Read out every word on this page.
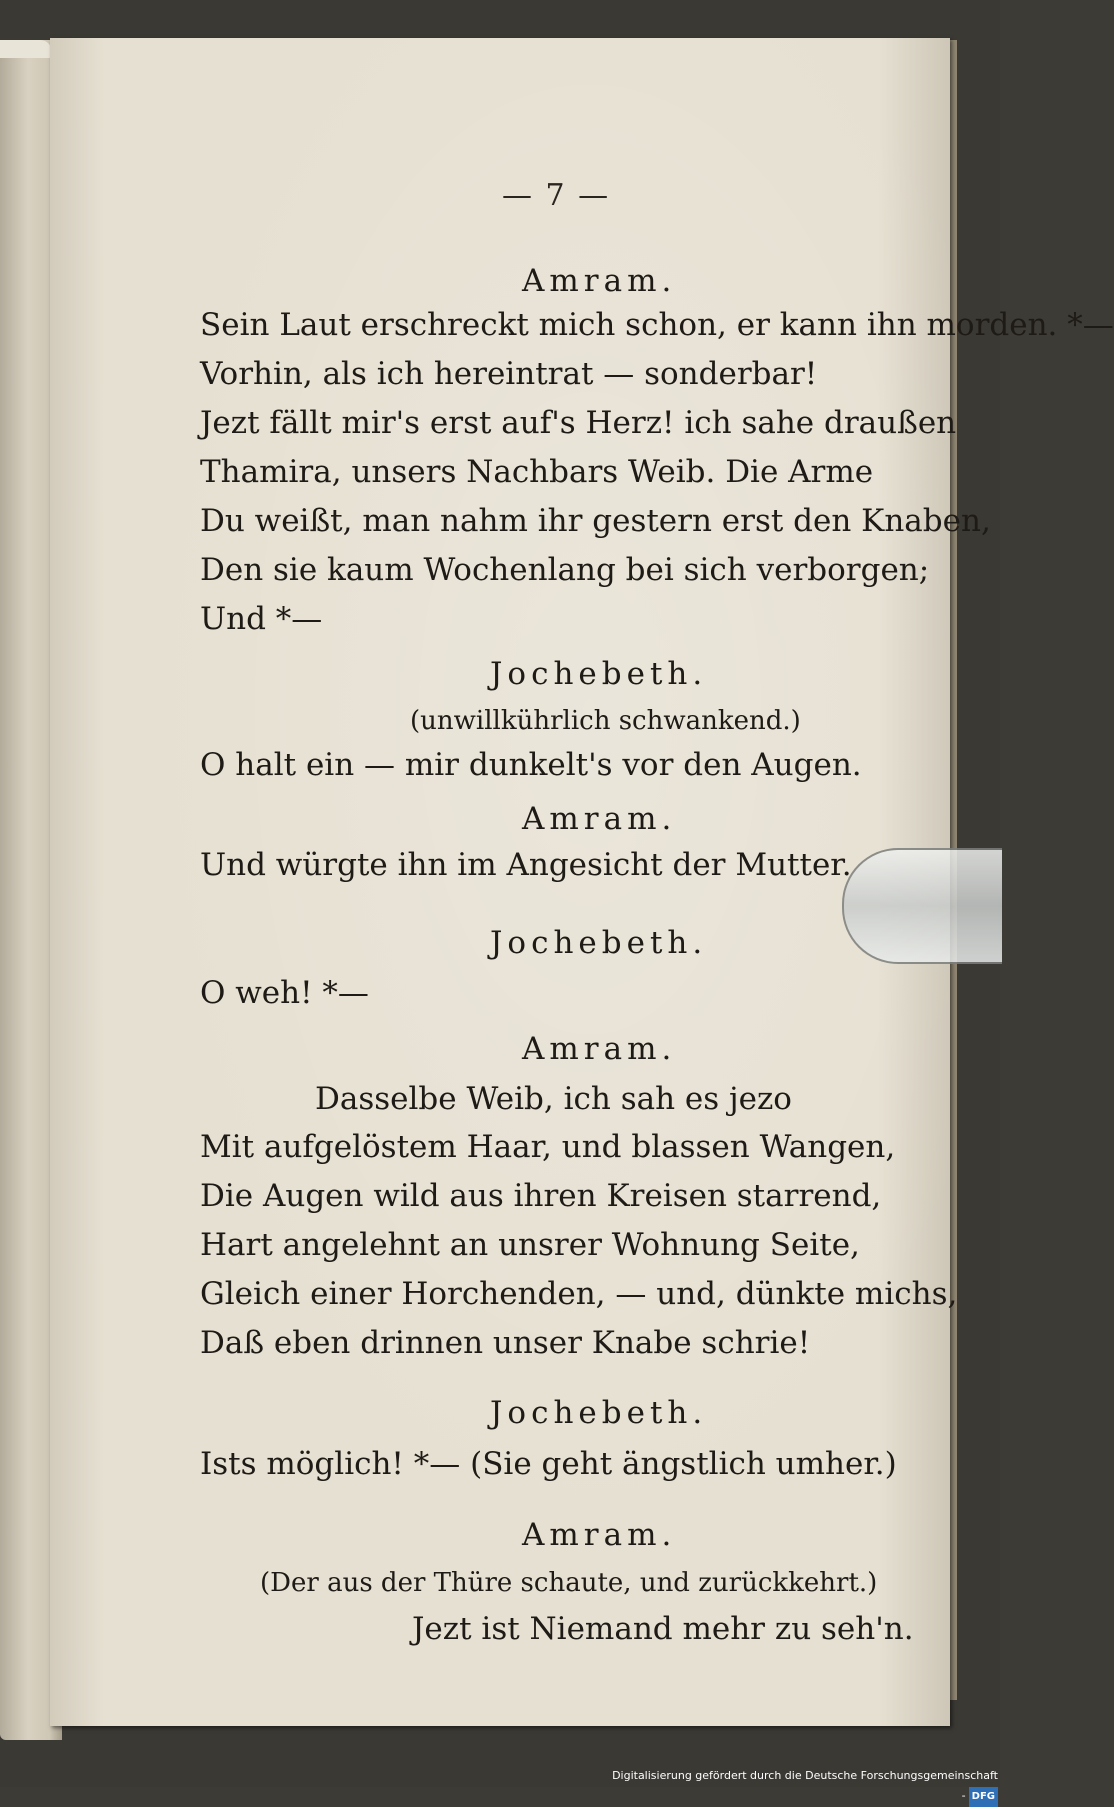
— 7 —
Amram.
Sein Laut erschreckt mich schon, er kann ihn morden. *—
Vorhin, als ich hereintrat — sonderbar!
Jezt fällt mir's erst auf's Herz! ich sahe draußen
Thamira, unsers Nachbars Weib. Die Arme
Du weißt, man nahm ihr gestern erst den Knaben,
Den sie kaum Wochenlang bei sich verborgen;
Und *—
Jochebeth.
(unwillkührlich schwankend.)
O halt ein — mir dunkelt's vor den Augen.
Amram.
Und würgte ihn im Angesicht der Mutter.
Jochebeth.
O weh! *—
Amram.
Dasselbe Weib, ich sah es jezo
Mit aufgelöstem Haar, und blassen Wangen,
Die Augen wild aus ihren Kreisen starrend,
Hart angelehnt an unsrer Wohnung Seite,
Gleich einer Horchenden, — und, dünkte michs,
Daß eben drinnen unser Knabe schrie!
Jochebeth.
Ists möglich! *— (Sie geht ängstlich umher.)
Amram.
(Der aus der Thüre schaute, und zurückkehrt.)
Jezt ist Niemand mehr zu seh'n.
Digitalisierung gefördert durch die Deutsche Forschungsgemeinschaft - DFG
